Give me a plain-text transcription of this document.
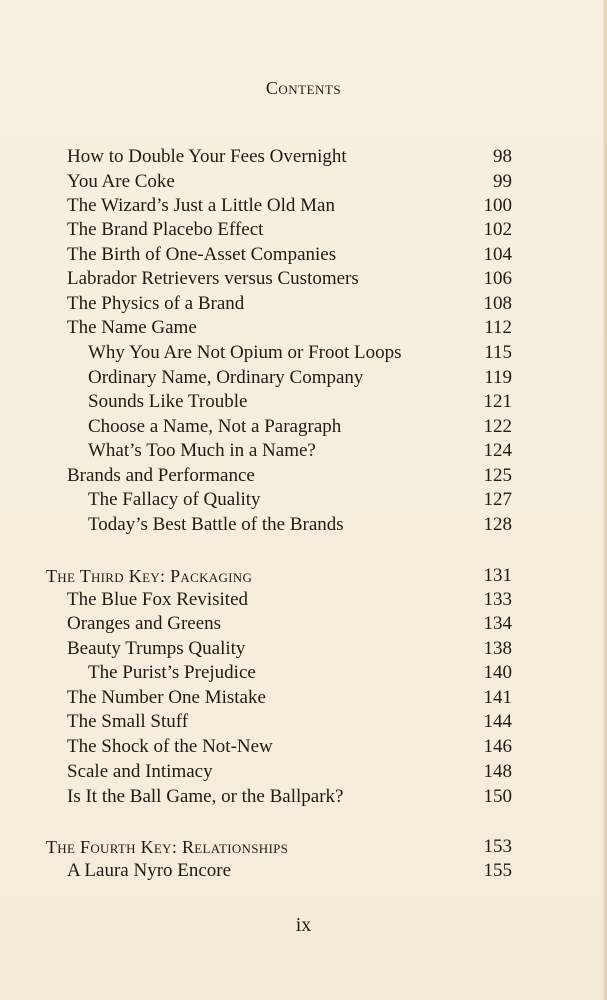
Contents
How to Double Your Fees Overnight	98
You Are Coke	99
The Wizard’s Just a Little Old Man	100
The Brand Placebo Effect	102
The Birth of One-Asset Companies	104
Labrador Retrievers versus Customers	106
The Physics of a Brand	108
The Name Game	112
Why You Are Not Opium or Froot Loops	115
Ordinary Name, Ordinary Company	119
Sounds Like Trouble	121
Choose a Name, Not a Paragraph	122
What’s Too Much in a Name?	124
Brands and Performance	125
The Fallacy of Quality	127
Today’s Best Battle of the Brands	128
The Third Key: Packaging	131
The Blue Fox Revisited	133
Oranges and Greens	134
Beauty Trumps Quality	138
The Purist’s Prejudice	140
The Number One Mistake	141
The Small Stuff	144
The Shock of the Not-New	146
Scale and Intimacy	148
Is It the Ball Game, or the Ballpark?	150
The Fourth Key: Relationships	153
A Laura Nyro Encore	155
ix
